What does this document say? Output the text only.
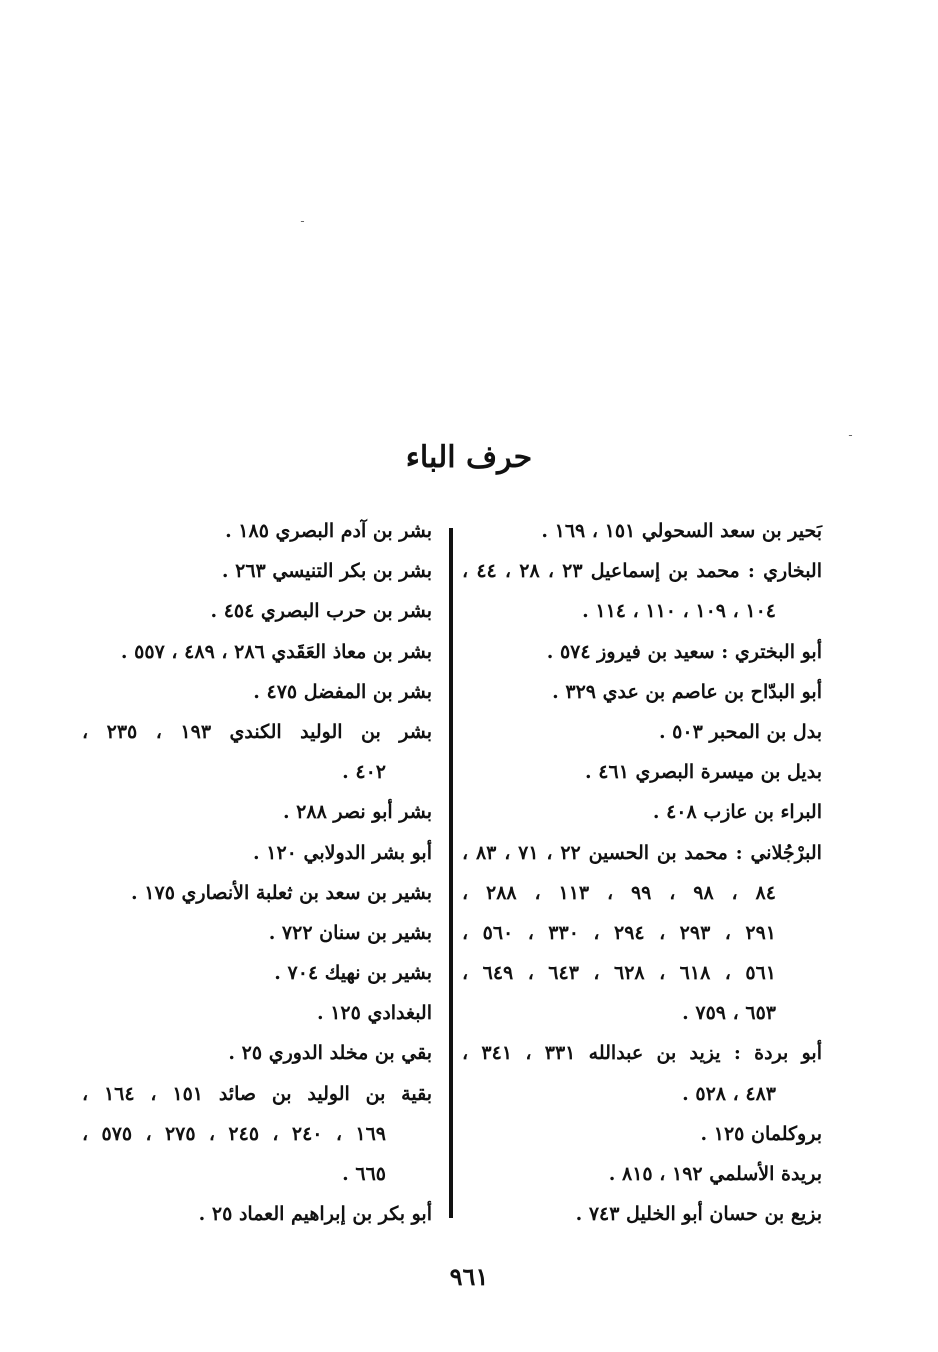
ـ
ـ
حرف الباء
بَحير بن سعد السحولي ١٥١ ، ١٦٩ .
البخاري : محمد بن إسماعيل ٢٣ ، ٢٨ ، ٤٤ ،
١٠٤ ، ١٠٩ ، ١١٠ ، ١١٤ .
أبو البختري : سعيد بن فيروز ٥٧٤ .
أبو البدّاح بن عاصم بن عدي ٣٢٩ .
بدل بن المحبر ٥٠٣ .
بديل بن ميسرة البصري ٤٦١ .
البراء بن عازب ٤٠٨ .
البرْجُلاني : محمد بن الحسين ٢٢ ، ٧١ ، ٨٣ ،
٨٤ ، ٩٨ ، ٩٩ ، ١١٣ ، ٢٨٨ ،
٢٩١ ، ٢٩٣ ، ٢٩٤ ، ٣٣٠ ، ٥٦٠ ،
٥٦١ ، ٦١٨ ، ٦٢٨ ، ٦٤٣ ، ٦٤٩ ،
٦٥٣ ، ٧٥٩ .
أبو بردة : يزيد بن عبدالله ٣٣١ ، ٣٤١ ،
٤٨٣ ، ٥٢٨ .
بروكلمان ١٢٥ .
بريدة الأسلمي ١٩٢ ، ٨١٥ .
بزيع بن حسان أبو الخليل ٧٤٣ .
بشر بن آدم البصري ١٨٥ .
بشر بن بكر التنيسي ٢٦٣ .
بشر بن حرب البصري ٤٥٤ .
بشر بن معاذ العَقَدي ٢٨٦ ، ٤٨٩ ، ٥٥٧ .
بشر بن المفضل ٤٧٥ .
بشر بن الوليد الكندي ١٩٣ ، ٢٣٥ ،
٤٠٢ .
بشر أبو نصر ٢٨٨ .
أبو بشر الدولابي ١٢٠ .
بشير بن سعد بن ثعلبة الأنصاري ١٧٥ .
بشير بن سنان ٧٢٢ .
بشير بن نهيك ٧٠٤ .
البغدادي ١٢٥ .
بقي بن مخلد الدوري ٢٥ .
بقية بن الوليد بن صائد ١٥١ ، ١٦٤ ،
١٦٩ ، ٢٤٠ ، ٢٤٥ ، ٢٧٥ ، ٥٧٥ ،
٦٦٥ .
أبو بكر بن إبراهيم العماد ٢٥ .
٩٦١
